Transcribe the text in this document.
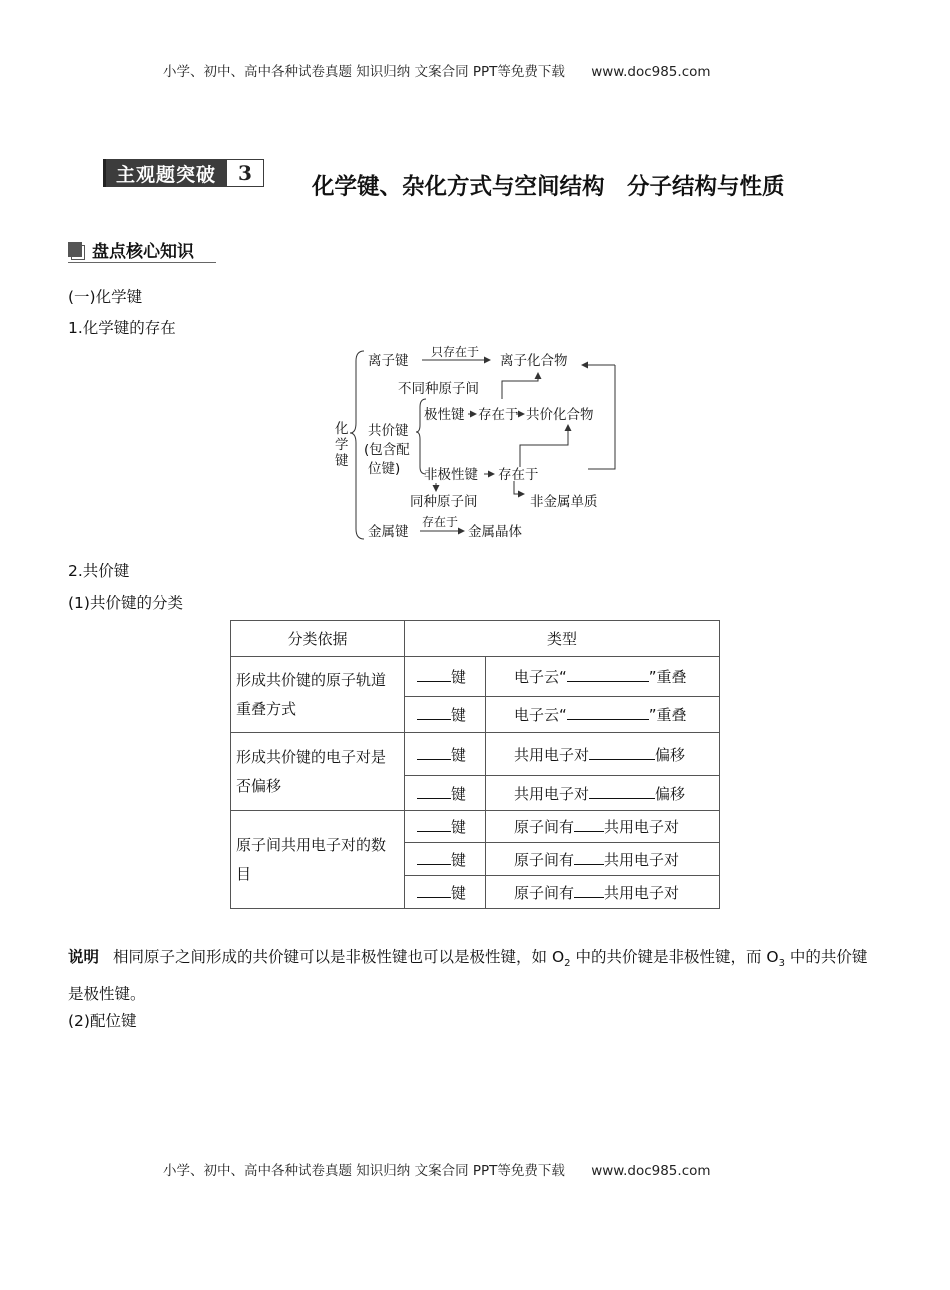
小学、初中、高中各种试卷真题 知识归纳 文案合同 PPT等免费下载 www.doc985.com
主观题突破	3
化学键、杂化方式与空间结构　分子结构与性质
盘点核心知识
(一)化学键
1.化学键的存在
化
学
键
离子键
只存在于
离子化合物
不同种原子间
共价键
(包含配
位键)
极性键 存在于 共价化合物
非极性键 存在于
同种原子间	非金属单质
金属键
存在于
金属晶体
2.共价键
(1)共价键的分类
分类依据	类型	
形成共价键的原子轨道重叠方式	键	电子云“ ”重叠
	键	电子云“ ”重叠
形成共价键的电子对是否偏移	键	共用电子对 偏移
	键	共用电子对 偏移
原子间共用电子对的数目	键	原子间有 共用电子对
	键	原子间有 共用电子对
	键	原子间有 共用电子对
说明 相同原子之间形成的共价键可以是非极性键也可以是极性键，如 $O_2$ 中的共价键是非极性键，而 $O_3$ 中的共价键是极性键。
(2)配位键
小学、初中、高中各种试卷真题 知识归纳 文案合同 PPT等免费下载 www.doc985.com
